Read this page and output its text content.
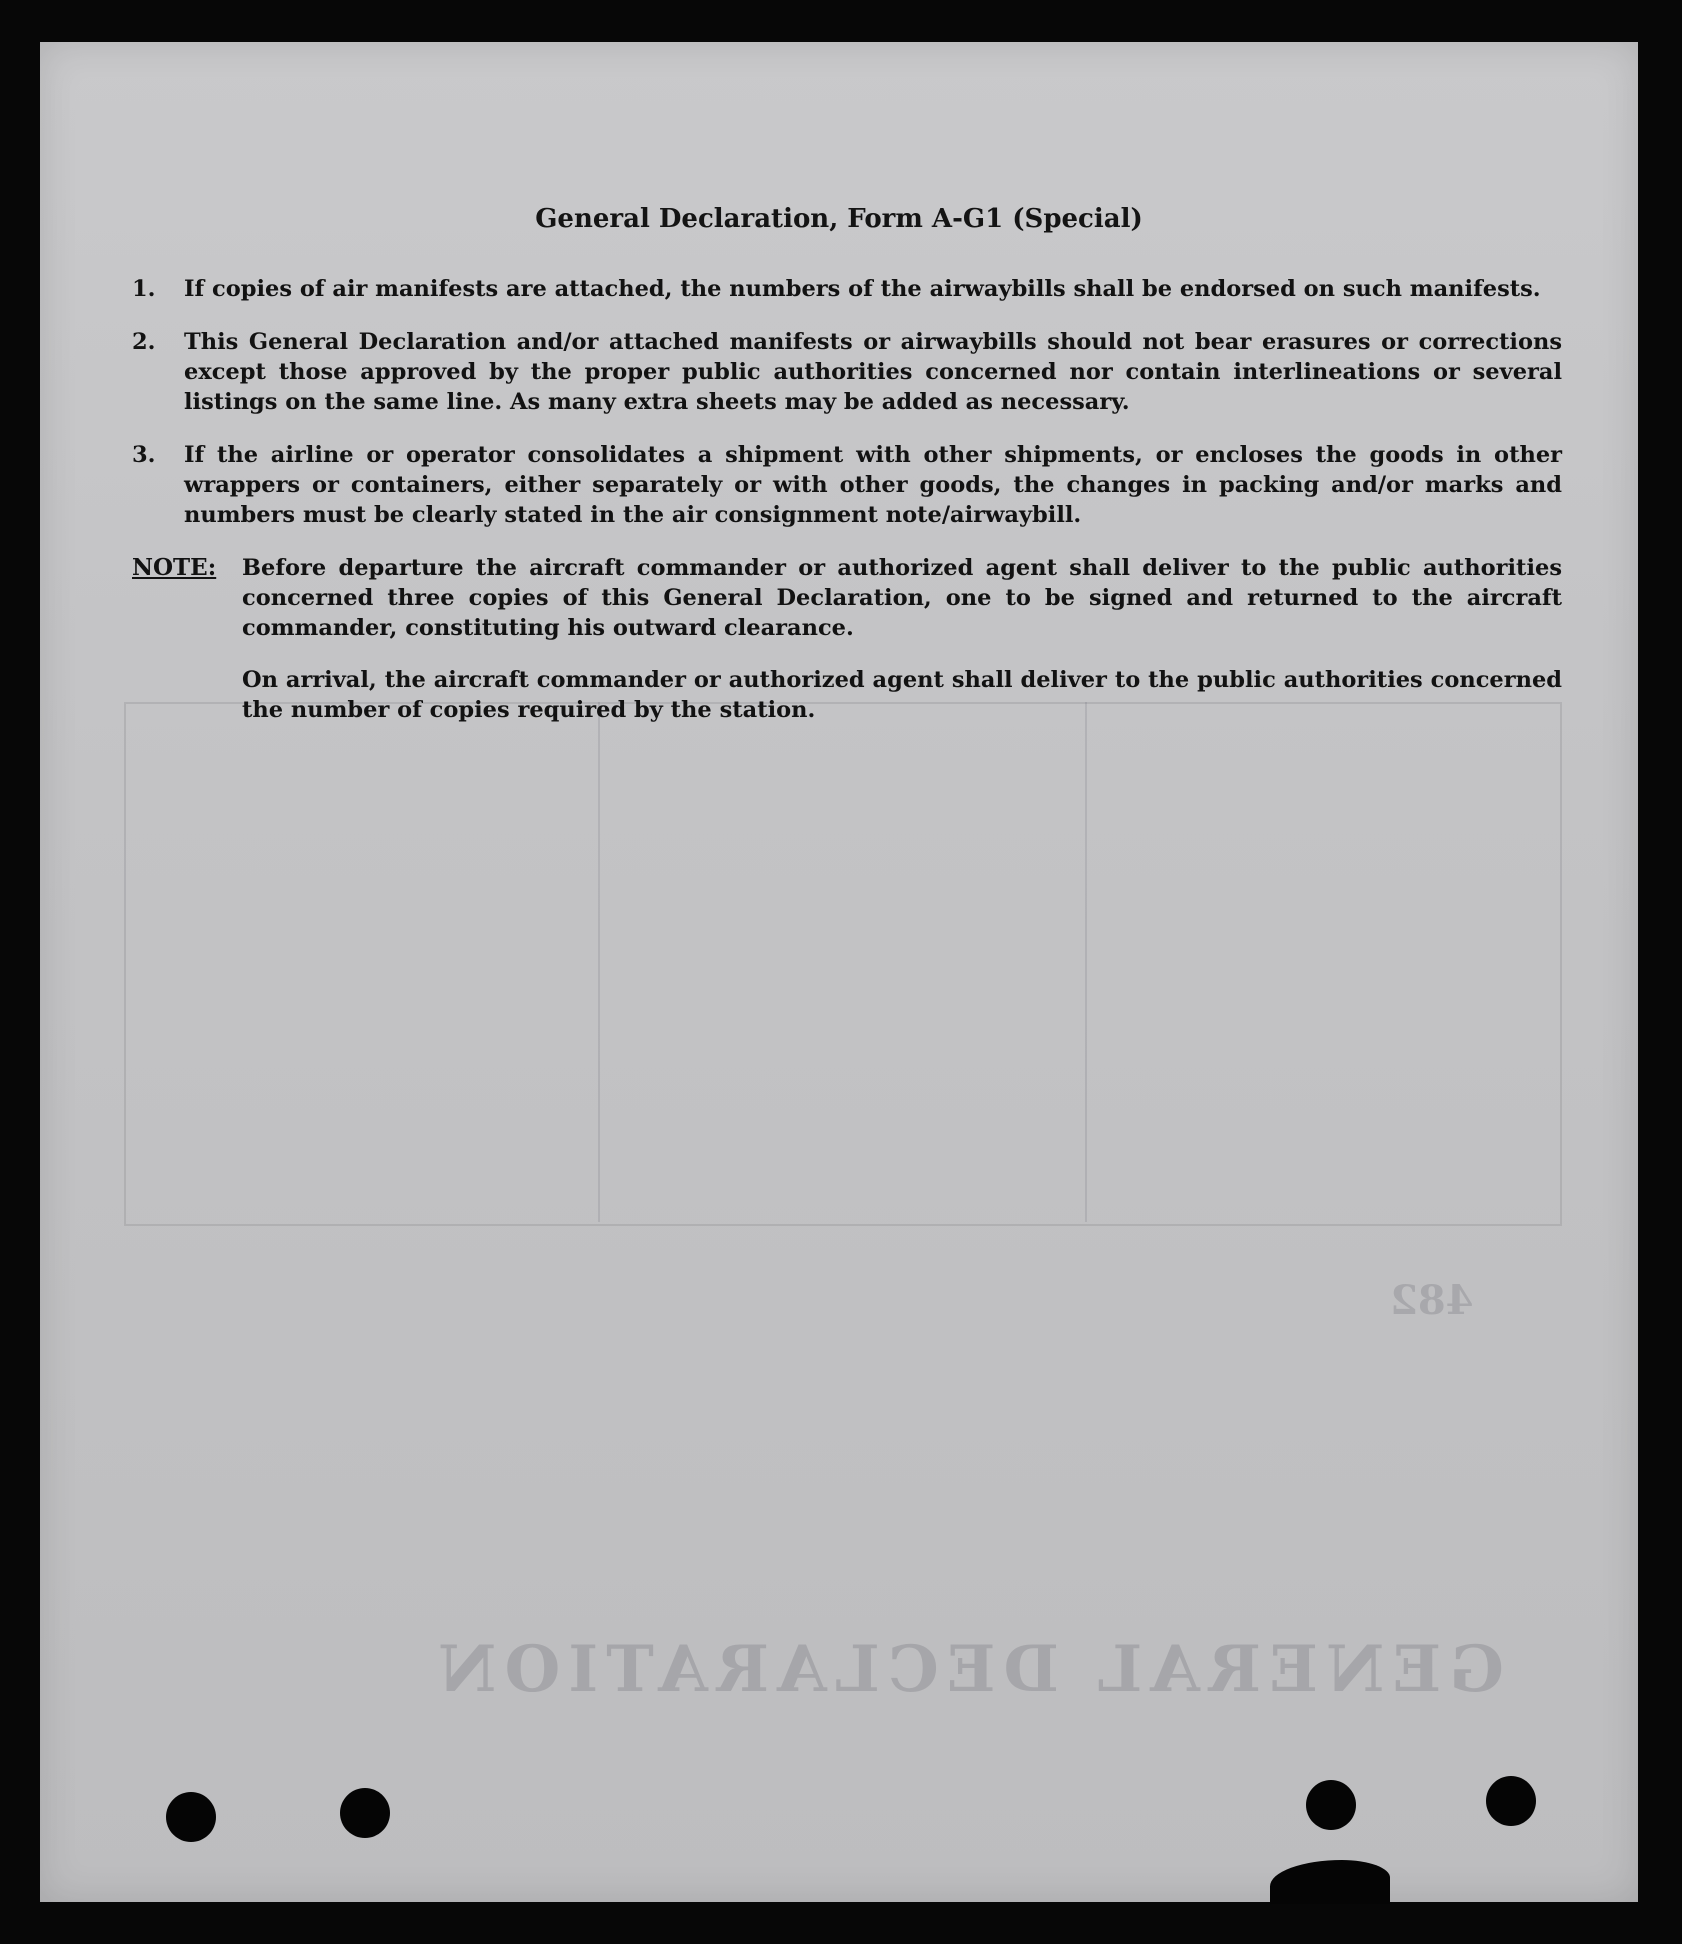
GENERAL DECLARATION
482
General Declaration, Form A-G1 (Special)
1.	If copies of air manifests are attached, the numbers of the airwaybills shall be endorsed on such manifests.
2.	This General Declaration and/or attached manifests or airwaybills should not bear erasures or corrections except those approved by the proper public authorities concerned nor contain interlineations or several listings on the same line. As many extra sheets may be added as necessary.
3.	If the airline or operator consolidates a shipment with other shipments, or encloses the goods in other wrappers or containers, either separately or with other goods, the changes in packing and/or marks and numbers must be clearly stated in the air consignment note/airwaybill.
NOTE: Before departure the aircraft commander or authorized agent shall deliver to the public authorities concerned three copies of this General Declaration, one to be signed and returned to the aircraft commander, constituting his outward clearance.
On arrival, the aircraft commander or authorized agent shall deliver to the public authorities concerned the number of copies required by the station.
